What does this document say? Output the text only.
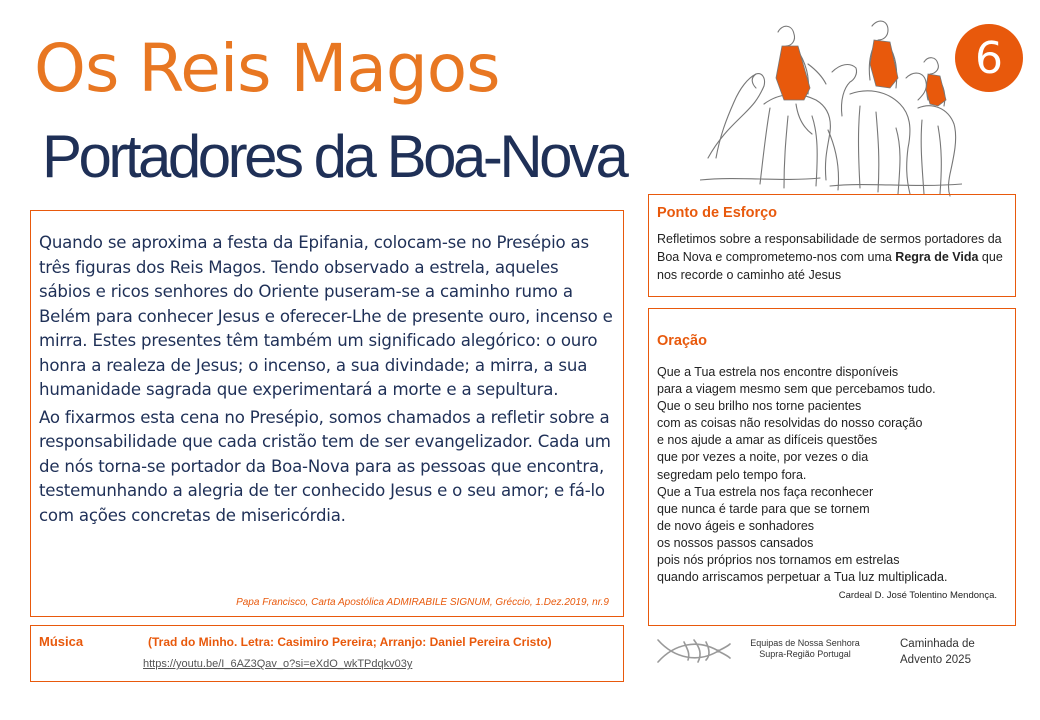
Os Reis Magos
Portadores da Boa-Nova
6

Quando se aproxima a festa da Epifania, colocam-se no Presépio as três figuras dos Reis Magos. Tendo observado a estrela, aqueles sábios e ricos senhores do Oriente puseram-se a caminho rumo a Belém para conhecer Jesus e oferecer-Lhe de presente ouro, incenso e mirra. Estes presentes têm também um significado alegórico: o ouro honra a realeza de Jesus; o incenso, a sua divindade; a mirra, a sua humanidade sagrada que experimentará a morte e a sepultura.

Ao fixarmos esta cena no Presépio, somos chamados a refletir sobre a responsabilidade que cada cristão tem de ser evangelizador. Cada um de nós torna-se portador da Boa-Nova para as pessoas que encontra, testemunhando a alegria de ter conhecido Jesus e o seu amor; e fá-lo com ações concretas de misericórdia.

Papa Francisco, Carta Apostólica ADMIRABILE SIGNUM, Gréccio, 1.Dez.2019, nr.9
Música	(Trad do Minho. Letra: Casimiro Pereira; Arranjo: Daniel Pereira Cristo)
https://youtu.be/I_6AZ3Qav_o?si=eXdO_wkTPdqkv03y
Ponto de Esforço
Refletimos sobre a responsabilidade de sermos portadores da Boa Nova e comprometemo-nos com uma Regra de Vida que nos recorde o caminho até Jesus
Oração
Que a Tua estrela nos encontre disponíveis
para a viagem mesmo sem que percebamos tudo.
Que o seu brilho nos torne pacientes
com as coisas não resolvidas do nosso coração
e nos ajude a amar as difíceis questões
que por vezes a noite, por vezes o dia
segredam pelo tempo fora.
Que a Tua estrela nos faça reconhecer
que nunca é tarde para que se tornem
de novo ágeis e sonhadores
os nossos passos cansados
pois nós próprios nos tornamos em estrelas
quando arriscamos perpetuar a Tua luz multiplicada.
Cardeal D. José Tolentino Mendonça.
Equipas de Nossa Senhora
Supra-Região Portugal
Caminhada de
Advento 2025
